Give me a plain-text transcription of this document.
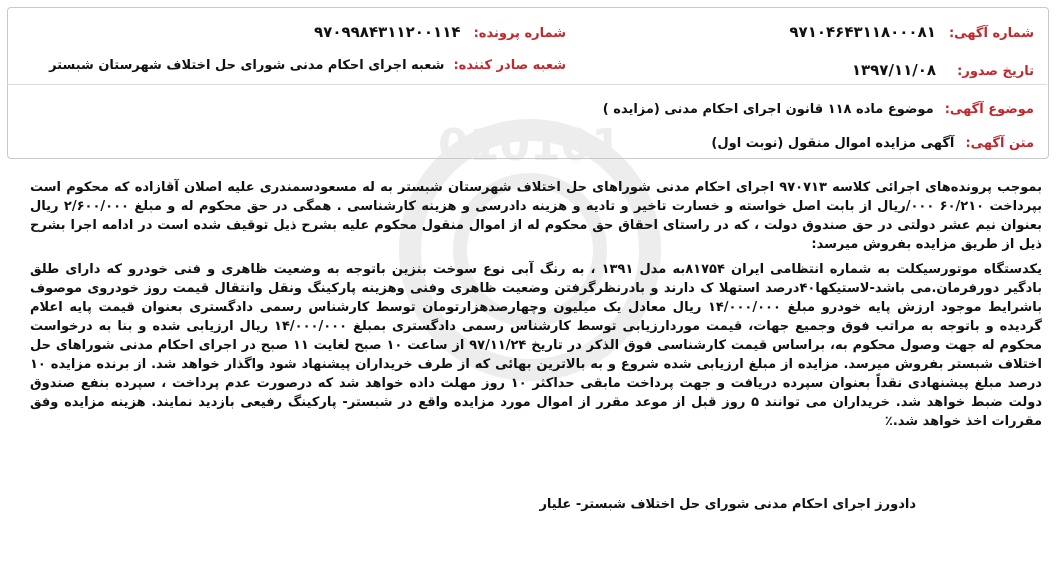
010101
شماره آگهی: ۹۷۱۰۴۶۴۳۱۱۸۰۰۰۸۱
شماره پرونده: ۹۷۰۹۹۸۴۳۱۱۲۰۰۱۱۴
تاریخ صدور: ۱۳۹۷/۱۱/۰۸
شعبه صادر کننده: شعبه اجرای احکام مدنی شورای حل اختلاف شهرستان شبستر
موضوع آگهی: موضوع ماده ۱۱۸ قانون اجرای احکام مدنی (مزایده )
متن آگهی: آگهی مزایده اموال منقول (نوبت اول)

بموجب پرونده‌های اجرائی کلاسه ۹۷۰۷۱۳ اجرای احکام مدنی شوراهای حل اختلاف شهرستان شبستر به له مسعودسمندری علیه اصلان آقازاده که محکوم است بپرداخت ۶۰/۲۱۰ ۰۰۰/ریال از بابت اصل خواسته و خسارت تاخیر و تادیه و هزینه دادرسی و هزینه کارشناسی . همگی در حق محکوم له و مبلغ ۲/۶۰۰/۰۰۰ ریال بعنوان نیم عشر دولتی در حق صندوق دولت ، که در راستای احقاق حق محکوم له از اموال منقول محکوم علیه بشرح ذیل توقیف شده است در ادامه اجرا بشرح ذیل از طریق مزایده بفروش میرسد:

یکدستگاه موتورسیکلت به شماره انتظامی ایران ۸۱۷۵۴به مدل ۱۳۹۱ ، به رنگ آبی نوع سوخت بنزین باتوجه به وضعیت ظاهری و فنی خودرو که دارای طلق بادگیر دورفرمان.می باشد-لاستیکها۴۰درصد استهلا ک دارند و بادرنظرگرفتن وضعیت ظاهری وفنی وهزینه پارکینگ ونقل وانتقال قیمت روز خودروی موصوف باشرایط موجود ارزش پایه خودرو مبلغ ۱۴/۰۰۰/۰۰۰ ریال معادل یک میلیون وچهارصدهزارتومان توسط کارشناس رسمی دادگستری بعنوان قیمت پایه اعلام گردیده و باتوجه به مراتب فوق وجمیع جهات، قیمت موردارزیابی توسط کارشناس رسمی دادگستری بمبلغ ۱۴/۰۰۰/۰۰۰ ریال ارزیابی شده و بنا به درخواست محکوم له جهت وصول محکوم به، براساس قیمت کارشناسی فوق الذکر در تاریخ ۹۷/۱۱/۲۴ از ساعت ۱۰ صبح لغایت ۱۱ صبح در اجرای احکام مدنی شوراهای حل اختلاف شبستر بفروش میرسد. مزایده از مبلغ ارزیابی شده شروع و به بالاترین بهائی که از طرف خریداران پیشنهاد شود واگذار خواهد شد. از برنده مزایده ۱۰ درصد مبلغ پیشنهادی نقداً بعنوان سپرده دریافت و جهت پرداخت مابقی حداکثر ۱۰ روز مهلت داده خواهد شد که درصورت عدم پرداخت ، سپرده بنفع صندوق دولت ضبط خواهد شد. خریداران می توانند ۵ روز قبل از موعد مقرر از اموال مورد مزایده واقع در شبستر- پارکینگ رفیعی بازدید نمایند. هزینه مزایده وفق مقررات اخذ خواهد شد.٪

دادورز اجرای احکام مدنی شورای حل اختلاف شبستر- علیار
